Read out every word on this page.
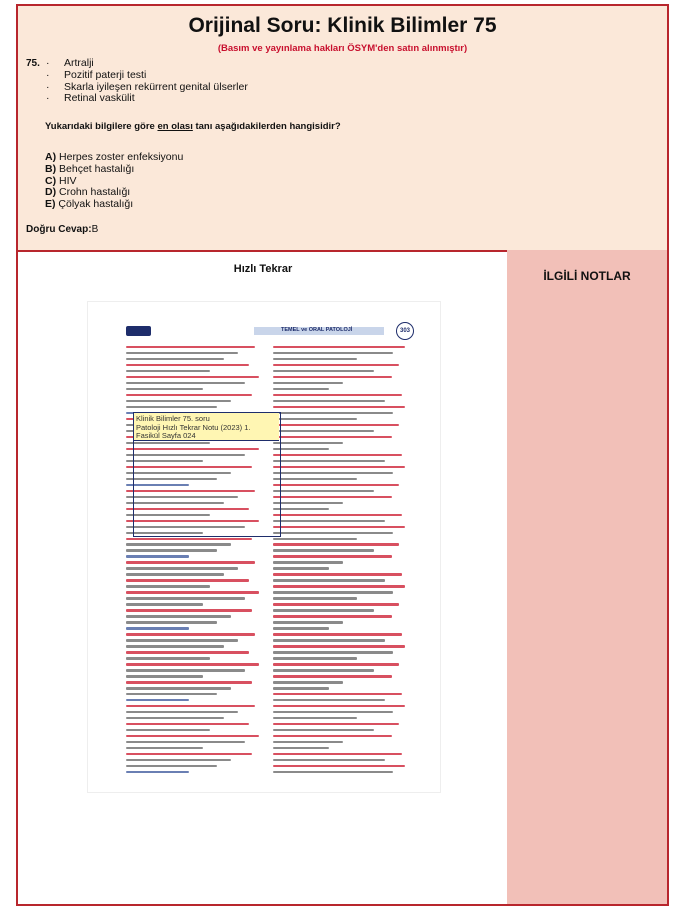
Orijinal Soru: Klinik Bilimler 75
(Basım ve yayınlama hakları ÖSYM'den satın alınmıştır)
75. · Artralji
· Pozitif paterji testi
· Skarla iyileşen rekürrent genital ülserler
· Retinal vaskülit
Yukarıdaki bilgilere göre en olası tanı aşağıdakilerden hangisidir?
A) Herpes zoster enfeksiyonu
B) Behçet hastalığı
C) HIV
D) Crohn hastalığı
E) Çölyak hastalığı
Doğru Cevap:B
Hızlı Tekrar
TEMEL ve ORAL PATOLOJİ	303
Klinik Bilimler 75. soru
Patoloji Hızlı Tekrar Notu (2023) 1.
Fasikül Sayfa 024
İLGİLİ NOTLAR
